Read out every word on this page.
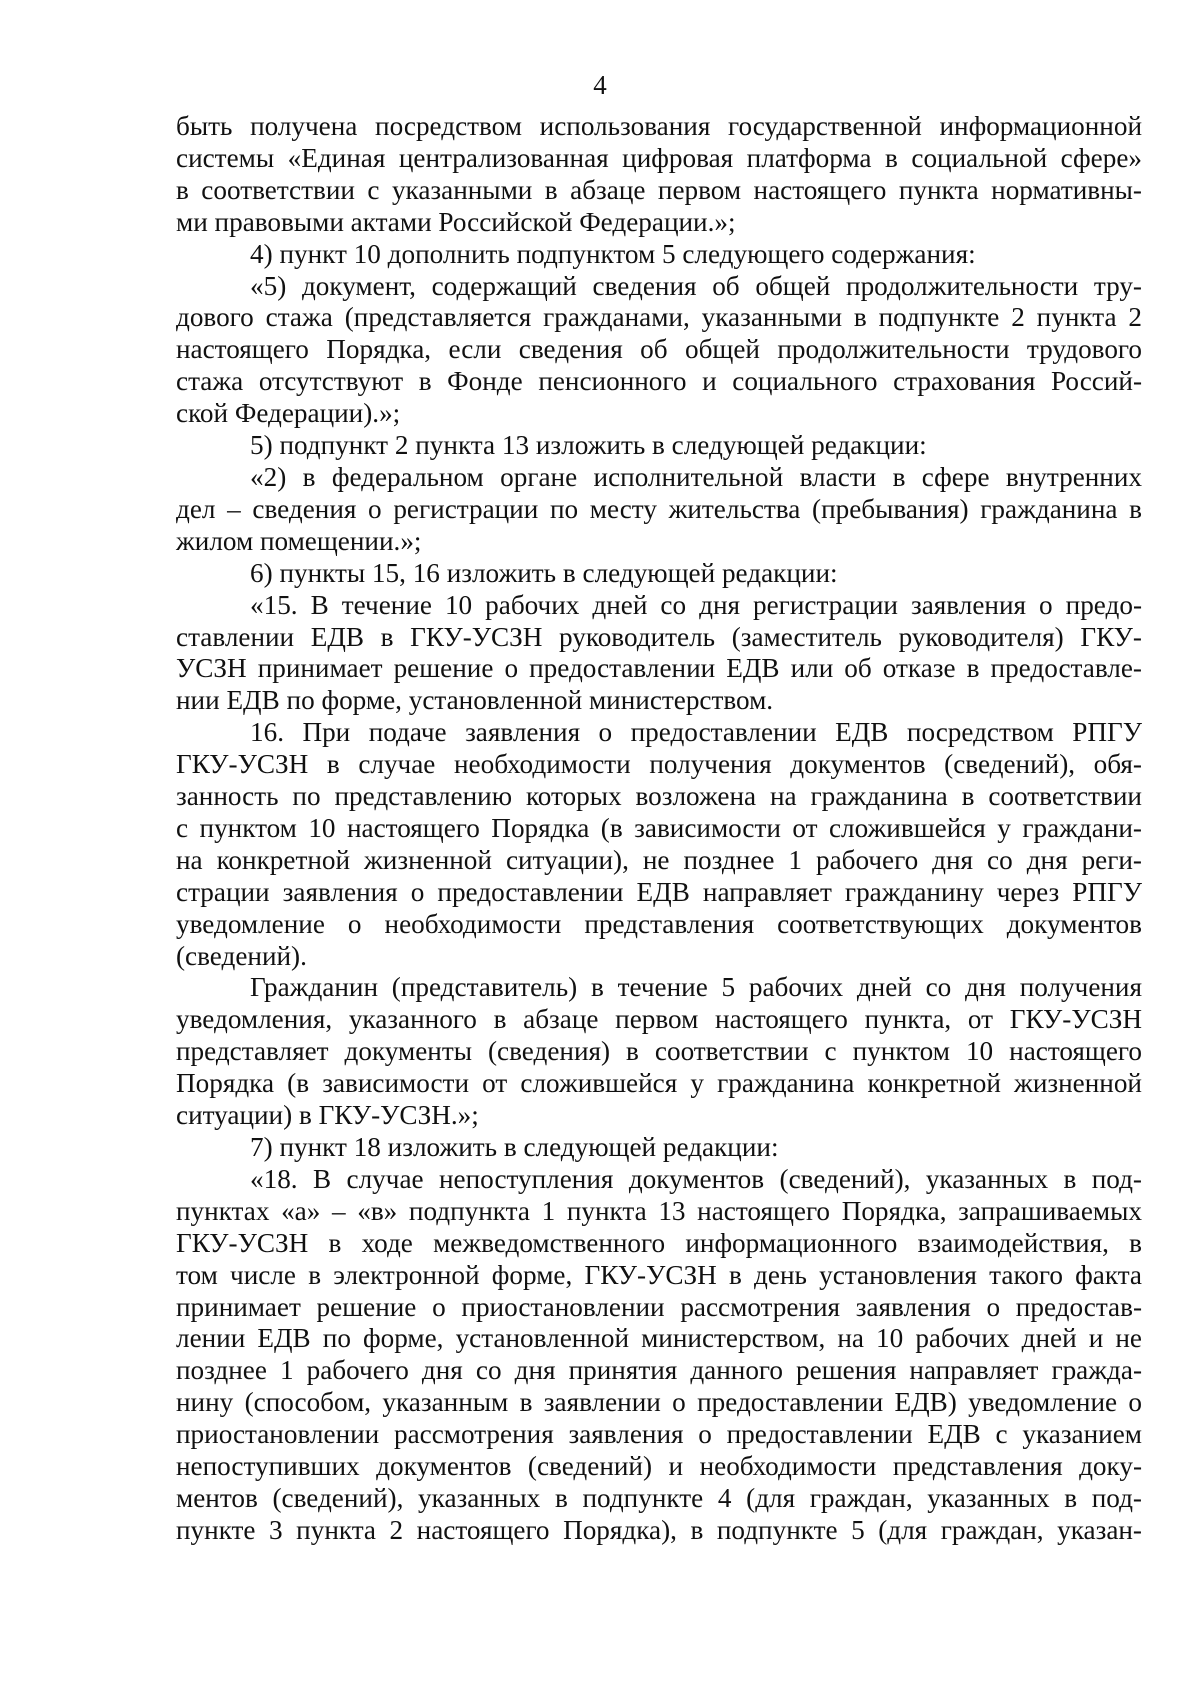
4
быть получена посредством использования государственной информационной
системы «Единая централизованная цифровая платформа в социальной сфере»
в соответствии с указанными в абзаце первом настоящего пункта нормативны-
ми правовыми актами Российской Федерации.»;
4) пункт 10 дополнить подпунктом 5 следующего содержания:
«5) документ, содержащий сведения об общей продолжительности тру-
дового стажа (представляется гражданами, указанными в подпункте 2 пункта 2
настоящего Порядка, если сведения об общей продолжительности трудового
стажа отсутствуют в Фонде пенсионного и социального страхования Россий-
ской Федерации).»;
5) подпункт 2 пункта 13 изложить в следующей редакции:
«2) в федеральном органе исполнительной власти в сфере внутренних
дел – сведения о регистрации по месту жительства (пребывания) гражданина в
жилом помещении.»;
6) пункты 15, 16 изложить в следующей редакции:
«15. В течение 10 рабочих дней со дня регистрации заявления о предо-
ставлении ЕДВ в ГКУ-УСЗН руководитель (заместитель руководителя) ГКУ-
УСЗН принимает решение о предоставлении ЕДВ или об отказе в предоставле-
нии ЕДВ по форме, установленной министерством.
16. При подаче заявления о предоставлении ЕДВ посредством РПГУ
ГКУ-УСЗН в случае необходимости получения документов (сведений), обя-
занность по представлению которых возложена на гражданина в соответствии
с пунктом 10 настоящего Порядка (в зависимости от сложившейся у граждани-
на конкретной жизненной ситуации), не позднее 1 рабочего дня со дня реги-
страции заявления о предоставлении ЕДВ направляет гражданину через РПГУ
уведомление о необходимости представления соответствующих документов
(сведений).
Гражданин (представитель) в течение 5 рабочих дней со дня получения
уведомления, указанного в абзаце первом настоящего пункта, от ГКУ-УСЗН
представляет документы (сведения) в соответствии с пунктом 10 настоящего
Порядка (в зависимости от сложившейся у гражданина конкретной жизненной
ситуации) в ГКУ-УСЗН.»;
7) пункт 18 изложить в следующей редакции:
«18. В случае непоступления документов (сведений), указанных в под-
пунктах «а» – «в» подпункта 1 пункта 13 настоящего Порядка, запрашиваемых
ГКУ-УСЗН в ходе межведомственного информационного взаимодействия, в
том числе в электронной форме, ГКУ-УСЗН в день установления такого факта
принимает решение о приостановлении рассмотрения заявления о предостав-
лении ЕДВ по форме, установленной министерством, на 10 рабочих дней и не
позднее 1 рабочего дня со дня принятия данного решения направляет гражда-
нину (способом, указанным в заявлении о предоставлении ЕДВ) уведомление о
приостановлении рассмотрения заявления о предоставлении ЕДВ с указанием
непоступивших документов (сведений) и необходимости представления доку-
ментов (сведений), указанных в подпункте 4 (для граждан, указанных в под-
пункте 3 пункта 2 настоящего Порядка), в подпункте 5 (для граждан, указан-
